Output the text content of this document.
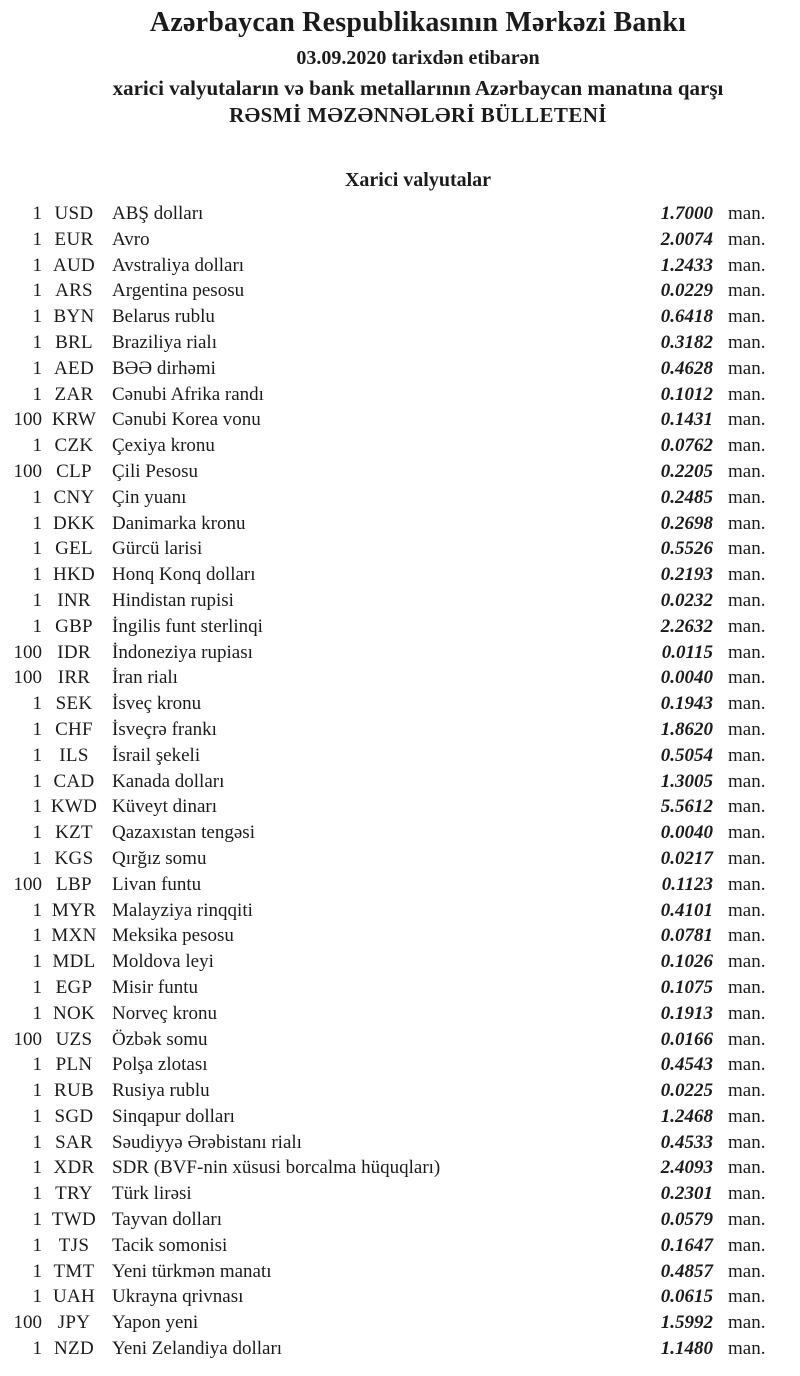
Azərbaycan Respublikasının Mərkəzi Bankı
03.09.2020 tarixdən etibarən
xarici valyutaların və bank metallarının Azərbaycan manatına qarşı
RƏSMİ MƏZƏNNƏLƏRİ BÜLLETENİ
Xarici valyutalar
1 USD ABŞ dolları	1.7000 man.
1 EUR Avro	2.0074 man.
1 AUD Avstraliya dolları	1.2433 man.
1 ARS	Argentina pesosu	0.0229 man.
1 BYN Belarus rublu	0.6418 man.
1 BRL	Braziliya rialı	0.3182 man.
1 AED BƏƏ dirhəmi	0.4628 man.
1 ZAR Cənubi Afrika randı	0.1012 man.
100 KRW Cənubi Korea vonu	0.1431 man.
1 CZK Çexiya kronu	0.0762 man.
100 CLP	Çili Pesosu	0.2205 man.
1 CNY Çin yuanı	0.2485 man.
1 DKK Danimarka kronu	0.2698 man.
1 GEL	Gürcü larisi	0.5526 man.
1 HKD Honq Konq dolları	0.2193 man.
1 INR	Hindistan rupisi	0.0232 man.
1 GBP	İngilis funt sterlinqi	2.2632 man.
100 IDR	İndoneziya rupiası	0.0115 man.
100 IRR	İran rialı	0.0040 man.
1 SEK	İsveç kronu	0.1943 man.
1 CHF	İsveçrə frankı	1.8620 man.
1 ILS	İsrail şekeli	0.5054 man.
1 CAD Kanada dolları	1.3005 man.
1 KWD Küveyt dinarı	5.5612 man.
1 KZT	Qazaxıstan tengəsi	0.0040 man.
1 KGS Qırğız somu	0.0217 man.
100 LBP	Livan funtu	0.1123 man.
1 MYR Malayziya rinqqiti	0.4101 man.
1 MXN Meksika pesosu	0.0781 man.
1 MDL Moldova leyi	0.1026 man.
1 EGP	Misir funtu	0.1075 man.
1 NOK Norveç kronu	0.1913 man.
100 UZS	Özbək somu	0.0166 man.
1 PLN	Polşa zlotası	0.4543 man.
1 RUB Rusiya rublu	0.0225 man.
1 SGD Sinqapur dolları	1.2468 man.
1 SAR	Səudiyyə Ərəbistanı rialı	0.4533 man.
1 XDR SDR (BVF-nin xüsusi borcalma hüquqları)	2.4093 man.
1 TRY	Türk lirəsi	0.2301 man.
1 TWD Tayvan dolları	0.0579 man.
1 TJS	Tacik somonisi	0.1647 man.
1 TMT Yeni türkmən manatı	0.4857 man.
1 UAH Ukrayna qrivnası	0.0615 man.
100 JPY	Yapon yeni	1.5992 man.
1 NZD Yeni Zelandiya dolları	1.1480 man.
